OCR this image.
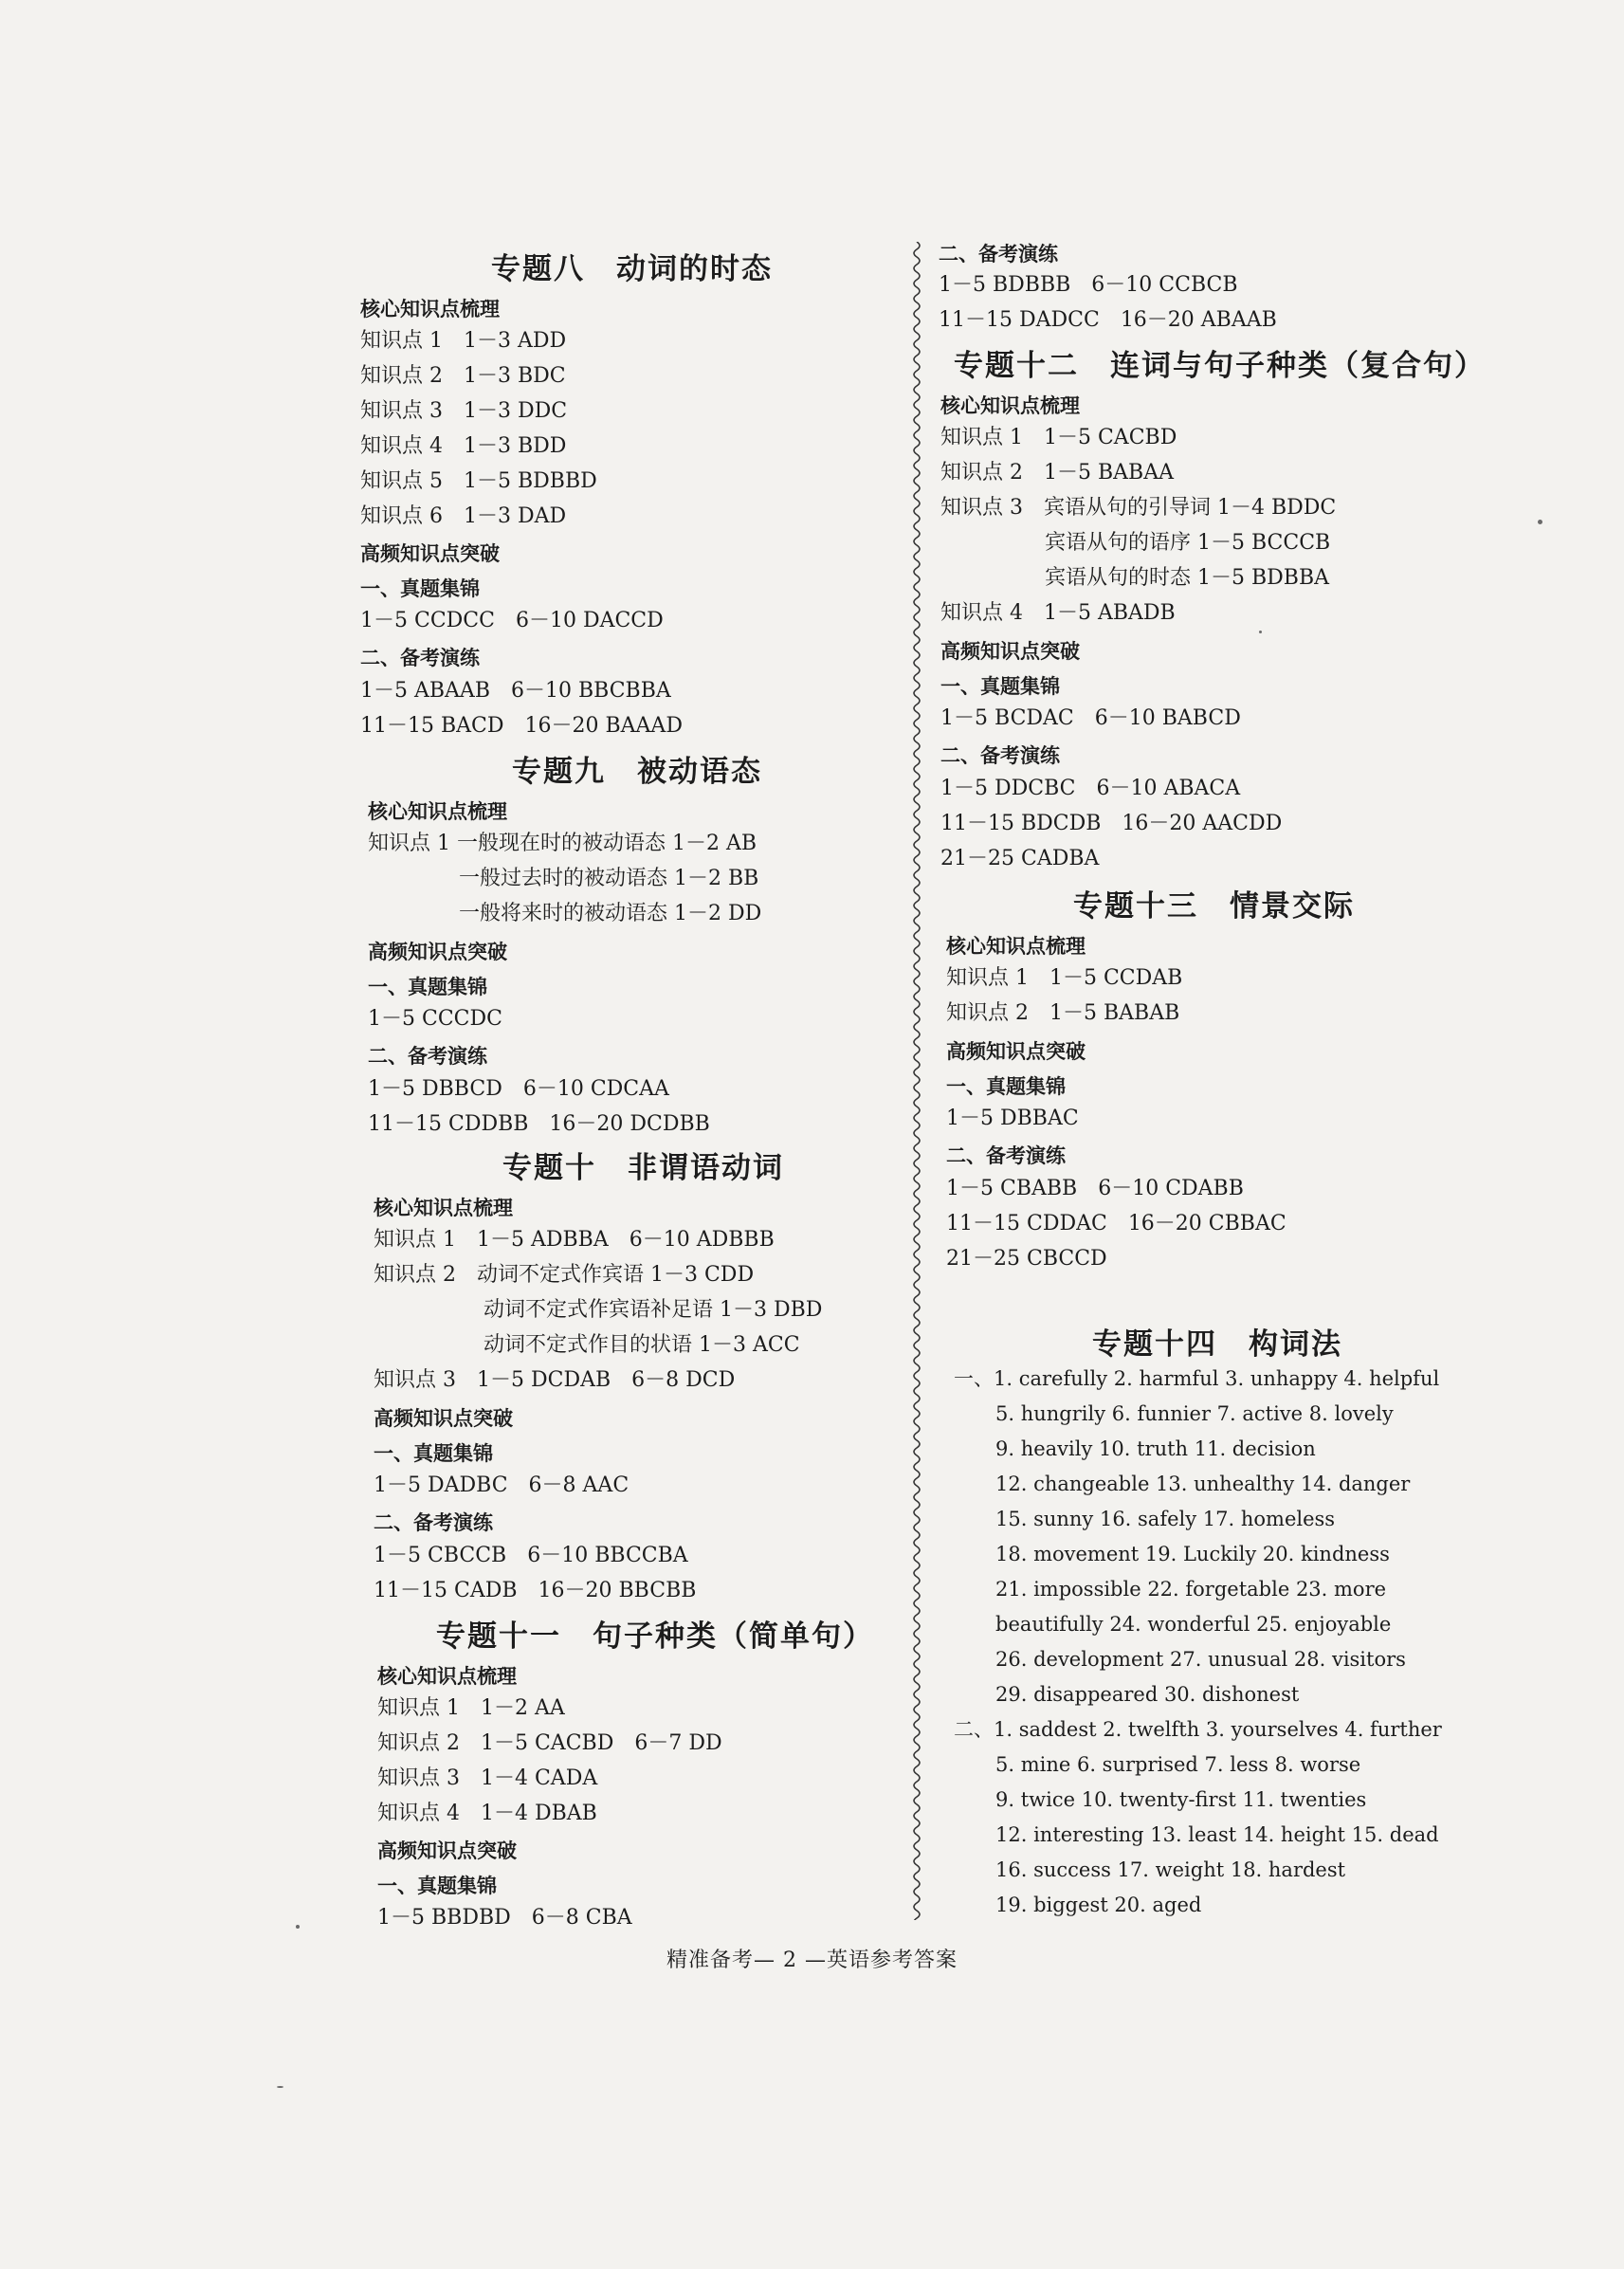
专题八　动词的时态
核心知识点梳理
知识点 1　1－3 ADD
知识点 2　1－3 BDC
知识点 3　1－3 DDC
知识点 4　1－3 BDD
知识点 5　1－5 BDBBD
知识点 6　1－3 DAD
高频知识点突破
一、真题集锦
1－5 CCDCC　6－10 DACCD
二、备考演练
1－5 ABAAB　6－10 BBCBBA
11－15 BACD　16－20 BAAAD
专题九　被动语态
核心知识点梳理
知识点 1 一般现在时的被动语态 1－2 AB
一般过去时的被动语态 1－2 BB
一般将来时的被动语态 1－2 DD
高频知识点突破
一、真题集锦
1－5 CCCDC
二、备考演练
1－5 DBBCD　6－10 CDCAA
11－15 CDDBB　16－20 DCDBB
专题十　非谓语动词
核心知识点梳理
知识点 1　1－5 ADBBA　6－10 ADBBB
知识点 2　动词不定式作宾语 1－3 CDD
动词不定式作宾语补足语 1－3 DBD
动词不定式作目的状语 1－3 ACC
知识点 3　1－5 DCDAB　6－8 DCD
高频知识点突破
一、真题集锦
1－5 DADBC　6－8 AAC
二、备考演练
1－5 CBCCB　6－10 BBCCBA
11－15 CADB　16－20 BBCBB
专题十一　句子种类（简单句）
核心知识点梳理
知识点 1　1－2 AA
知识点 2　1－5 CACBD　6－7 DD
知识点 3　1－4 CADA
知识点 4　1－4 DBAB
高频知识点突破
一、真题集锦
1－5 BBDBD　6－8 CBA
二、备考演练
1－5 BDBBB　6－10 CCBCB
11－15 DADCC　16－20 ABAAB
专题十二　连词与句子种类（复合句）
核心知识点梳理
知识点 1　1－5 CACBD
知识点 2　1－5 BABAA
知识点 3　宾语从句的引导词 1－4 BDDC
宾语从句的语序 1－5 BCCCB
宾语从句的时态 1－5 BDBBA
知识点 4　1－5 ABADB
高频知识点突破
一、真题集锦
1－5 BCDAC　6－10 BABCD
二、备考演练
1－5 DDCBC　6－10 ABACA
11－15 BDCDB　16－20 AACDD
21－25 CADBA
专题十三　情景交际
核心知识点梳理
知识点 1　1－5 CCDAB
知识点 2　1－5 BABAB
高频知识点突破
一、真题集锦
1－5 DBBAC
二、备考演练
1－5 CBABB　6－10 CDABB
11－15 CDDAC　16－20 CBBAC
21－25 CBCCD
专题十四　构词法
一、1. carefully 2. harmful 3. unhappy 4. helpful
5. hungrily 6. funnier 7. active 8. lovely
9. heavily 10. truth 11. decision
12. changeable 13. unhealthy 14. danger
15. sunny 16. safely 17. homeless
18. movement 19. Luckily 20. kindness
21. impossible 22. forgetable 23. more
beautifully 24. wonderful 25. enjoyable
26. development 27. unusual 28. visitors
29. disappeared 30. dishonest
二、1. saddest 2. twelfth 3. yourselves 4. further
5. mine 6. surprised 7. less 8. worse
9. twice 10. twenty-first 11. twenties
12. interesting 13. least 14. height 15. dead
16. success 17. weight 18. hardest
19. biggest 20. aged
精准备考— 2 —英语参考答案
